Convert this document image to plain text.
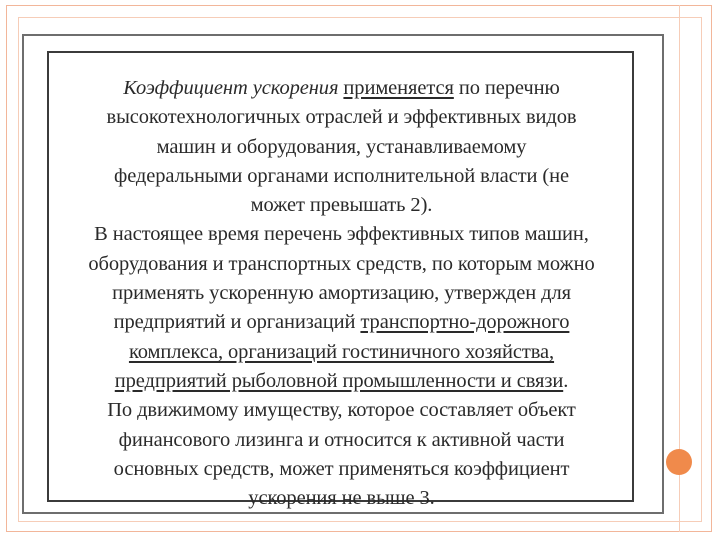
Коэффициент ускорения применяется по перечню
высокотехнологичных отраслей и эффективных видов
машин и оборудования, устанавливаемому
федеральными органами исполнительной власти (не
может превышать 2).
В настоящее время перечень эффективных типов машин,
оборудования и транспортных средств, по которым можно
применять ускоренную амортизацию, утвержден для
предприятий и организаций транспортно-дорожного
комплекса, организаций гостиничного хозяйства,
предприятий рыболовной промышленности и связи.
По движимому имуществу, которое составляет объект
финансового лизинга и относится к активной части
основных средств, может применяться коэффициент
ускорения не выше 3.
